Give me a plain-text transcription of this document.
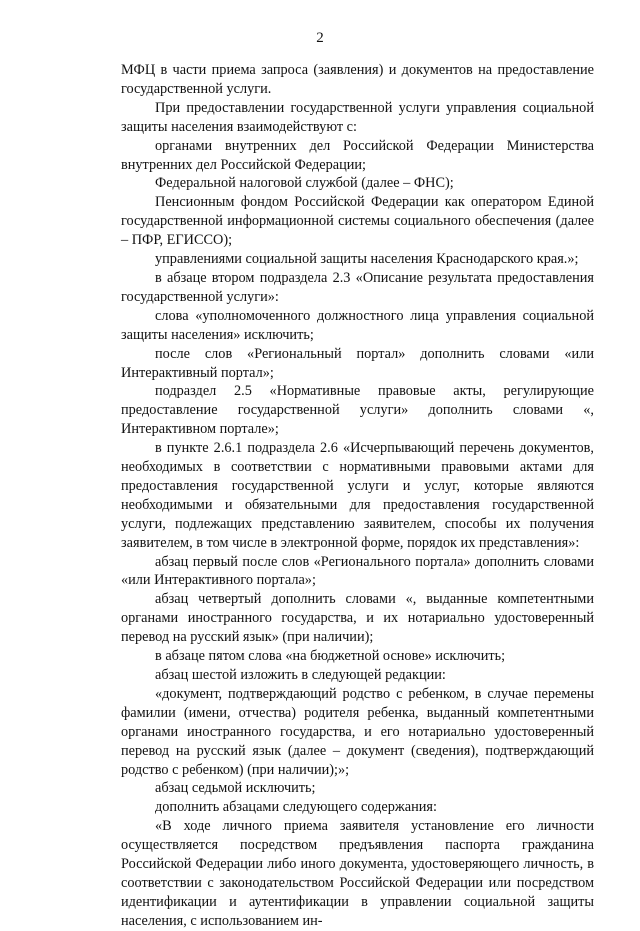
2

МФЦ в части приема запроса (заявления) и документов на предоставление государственной услуги.

При предоставлении государственной услуги управления социальной защиты населения взаимодействуют с:

органами внутренних дел Российской Федерации Министерства внутренних дел Российской Федерации;

Федеральной налоговой службой (далее – ФНС);

Пенсионным фондом Российской Федерации как оператором Единой государственной информационной системы социального обеспечения (далее – ПФР, ЕГИССО);

управлениями социальной защиты населения Краснодарского края.»;

в абзаце втором подраздела 2.3 «Описание результата предоставления государственной услуги»:

слова «уполномоченного должностного лица управления социальной защиты населения» исключить;

после слов «Региональный портал» дополнить словами «или Интерактивный портал»;

подраздел 2.5 «Нормативные правовые акты, регулирующие предоставление государственной услуги» дополнить словами «, Интерактивном портале»;

в пункте 2.6.1 подраздела 2.6 «Исчерпывающий перечень документов, необходимых в соответствии с нормативными правовыми актами для предоставления государственной услуги и услуг, которые являются необходимыми и обязательными для предоставления государственной услуги, подлежащих представлению заявителем, способы их получения заявителем, в том числе в электронной форме, порядок их представления»:

абзац первый после слов «Регионального портала» дополнить словами «или Интерактивного портала»;

абзац четвертый дополнить словами «, выданные компетентными органами иностранного государства, и их нотариально удостоверенный перевод на русский язык» (при наличии);

в абзаце пятом слова «на бюджетной основе» исключить;

абзац шестой изложить в следующей редакции:

«документ, подтверждающий родство с ребенком, в случае перемены фамилии (имени, отчества) родителя ребенка, выданный компетентными органами иностранного государства, и его нотариально удостоверенный перевод на русский язык (далее – документ (сведения), подтверждающий родство с ребенком) (при наличии);»;

абзац седьмой исключить;

дополнить абзацами следующего содержания:

«В ходе личного приема заявителя установление его личности осуществляется посредством предъявления паспорта гражданина Российской Федерации либо иного документа, удостоверяющего личность, в соответствии с законодательством Российской Федерации или посредством идентификации и аутентификации в управлении социальной защиты населения, с использованием ин-
